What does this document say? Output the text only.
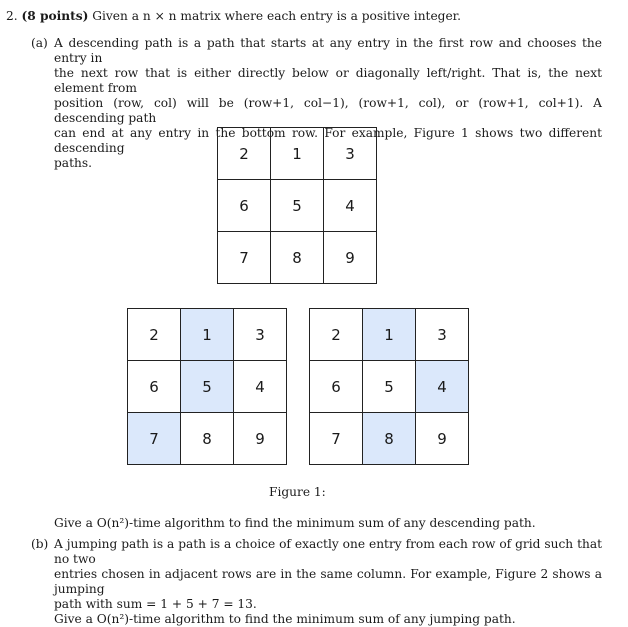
2. (8 points) Given a n × n matrix where each entry is a positive integer.
(a) A descending path is a path that starts at any entry in the first row and chooses the entry in
the next row that is either directly below or diagonally left/right. That is, the next element from
position (row, col) will be (row+1, col−1), (row+1, col), or (row+1, col+1). A descending path
can end at any entry in the bottom row. For example, Figure 1 shows two different descending
paths.
2	1	3
6	5	4
7	8	9
2	1	3
6	5	4
7	8	9
2	1	3
6	5	4
7	8	9
Figure 1:
Give a O(n²)-time algorithm to find the minimum sum of any descending path.
(b) A jumping path is a path is a choice of exactly one entry from each row of grid such that no two
entries chosen in adjacent rows are in the same column. For example, Figure 2 shows a jumping
path with sum = 1 + 5 + 7 = 13.
Give a O(n²)-time algorithm to find the minimum sum of any jumping path.
